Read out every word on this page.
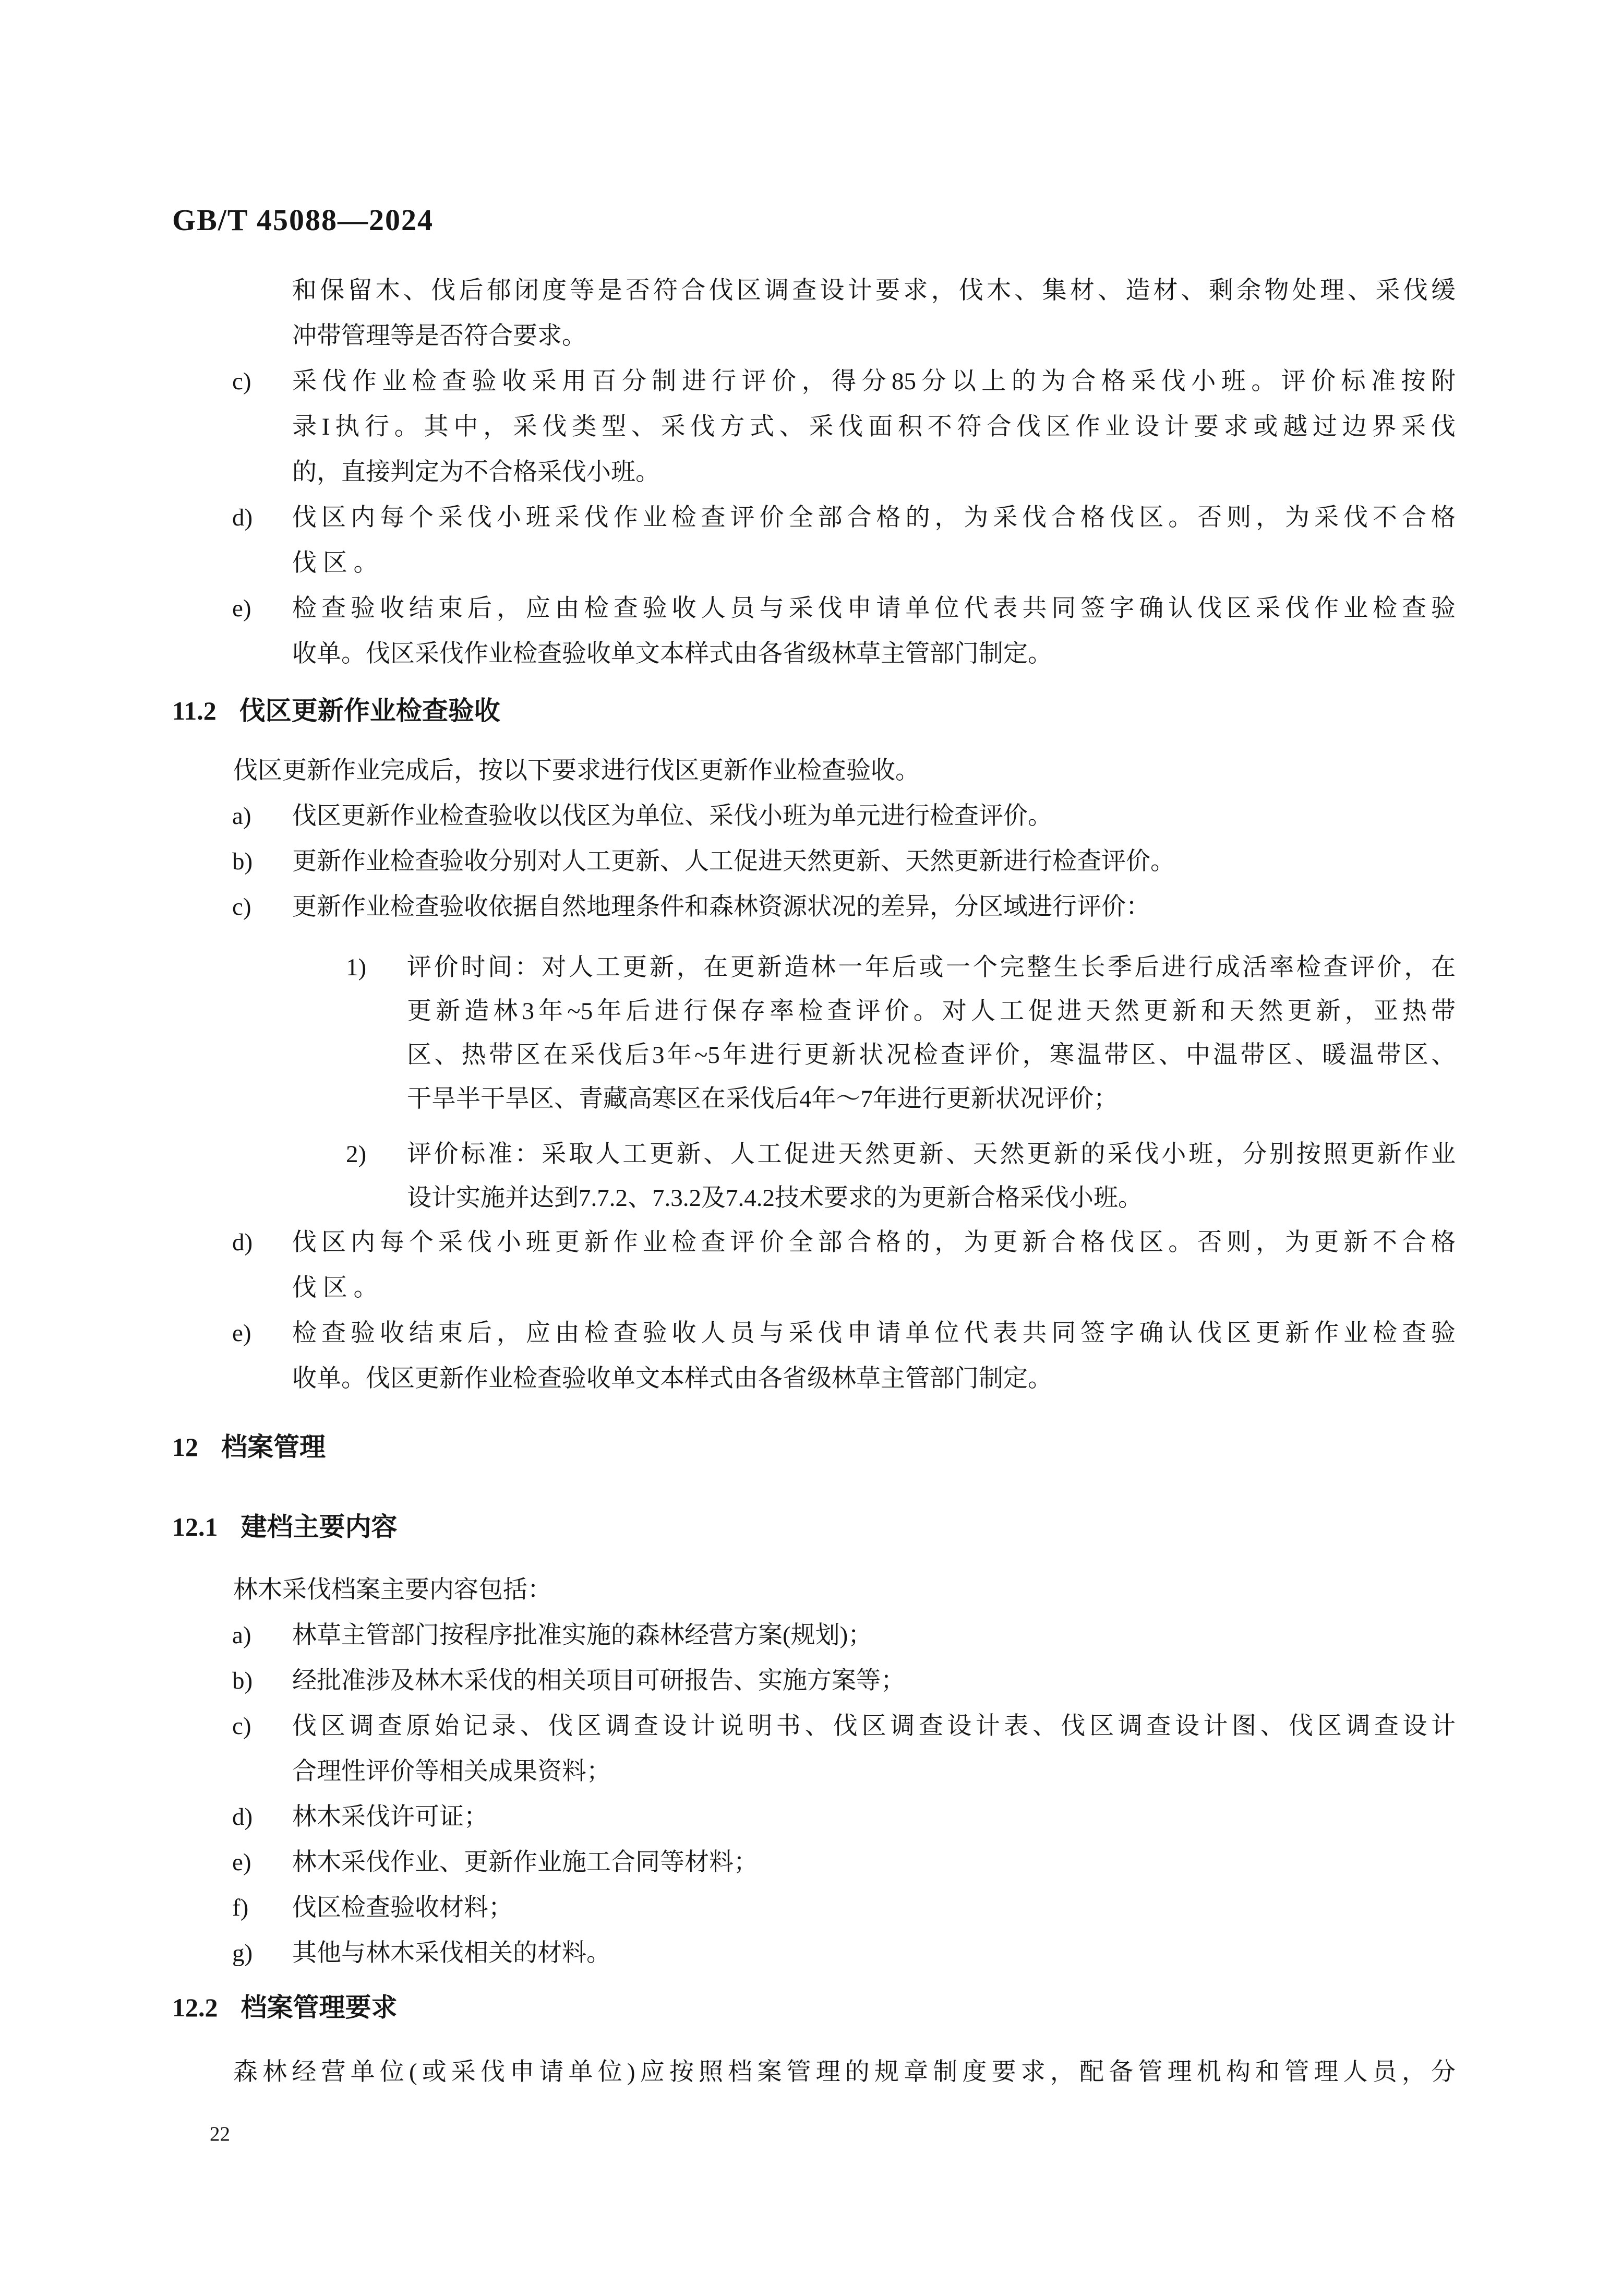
GB/T 45088—2024
和保留木、伐后郁闭度等是否符合伐区调查设计要求，伐木、集材、造材、剩余物处理、采伐缓
冲带管理等是否符合要求。
c)	采伐作业检查验收采用百分制进行评价，得分85分以上的为合格采伐小班。评价标准按附
录I执行。其中，采伐类型、采伐方式、采伐面积不符合伐区作业设计要求或越过边界采伐
的，直接判定为不合格采伐小班。
d)	伐区内每个采伐小班采伐作业检查评价全部合格的，为采伐合格伐区。否则，为采伐不合格
伐 区 。
e)	检查验收结束后，应由检查验收人员与采伐申请单位代表共同签字确认伐区采伐作业检查验
收单。伐区采伐作业检查验收单文本样式由各省级林草主管部门制定。
11.2 伐区更新作业检查验收
伐区更新作业完成后，按以下要求进行伐区更新作业检查验收。
a)	伐区更新作业检查验收以伐区为单位、采伐小班为单元进行检查评价。
b)	更新作业检查验收分别对人工更新、人工促进天然更新、天然更新进行检查评价。
c)	更新作业检查验收依据自然地理条件和森林资源状况的差异，分区域进行评价：
1)	评价时间：对人工更新，在更新造林一年后或一个完整生长季后进行成活率检查评价，在
更新造林3年~5年后进行保存率检查评价。对人工促进天然更新和天然更新，亚热带
区、热带区在采伐后3年~5年进行更新状况检查评价，寒温带区、中温带区、暖温带区、
干旱半干旱区、青藏高寒区在采伐后4年～7年进行更新状况评价；
2)	评价标准：采取人工更新、人工促进天然更新、天然更新的采伐小班，分别按照更新作业
设计实施并达到7.7.2、7.3.2及7.4.2技术要求的为更新合格采伐小班。
d)	伐区内每个采伐小班更新作业检查评价全部合格的，为更新合格伐区。否则，为更新不合格
伐 区 。
e)	检查验收结束后，应由检查验收人员与采伐申请单位代表共同签字确认伐区更新作业检查验
收单。伐区更新作业检查验收单文本样式由各省级林草主管部门制定。
12 档案管理
12.1 建档主要内容
林木采伐档案主要内容包括：
a)	林草主管部门按程序批准实施的森林经营方案(规划)；
b)	经批准涉及林木采伐的相关项目可研报告、实施方案等；
c)	伐区调查原始记录、伐区调查设计说明书、伐区调查设计表、伐区调查设计图、伐区调查设计
合理性评价等相关成果资料；
d)	林木采伐许可证；
e)	林木采伐作业、更新作业施工合同等材料；
f)	伐区检查验收材料；
g)	其他与林木采伐相关的材料。
12.2 档案管理要求
森林经营单位(或采伐申请单位)应按照档案管理的规章制度要求，配备管理机构和管理人员，分
22
